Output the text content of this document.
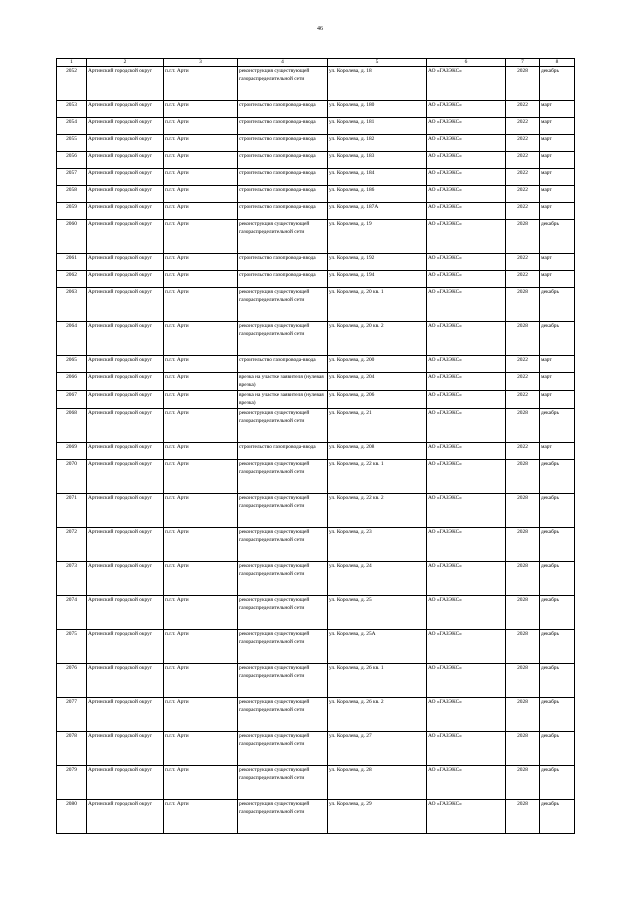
46
1	2	3	4	5	6	7	8
2052	Артинский городской округ	п.г.т. Арти	реконструкция существующей газораспределительной сети	ул. Королева, д. 18	АО «ГАЗЭКС»	2028	декабрь
2053	Артинский городской округ	п.г.т. Арти	строительство газопровода-ввода	ул. Королева, д. 180	АО «ГАЗЭКС»	2022	март
2054	Артинский городской округ	п.г.т. Арти	строительство газопровода-ввода	ул. Королева, д. 181	АО «ГАЗЭКС»	2022	март
2055	Артинский городской округ	п.г.т. Арти	строительство газопровода-ввода	ул. Королева, д. 182	АО «ГАЗЭКС»	2022	март
2056	Артинский городской округ	п.г.т. Арти	строительство газопровода-ввода	ул. Королева, д. 183	АО «ГАЗЭКС»	2022	март
2057	Артинский городской округ	п.г.т. Арти	строительство газопровода-ввода	ул. Королева, д. 184	АО «ГАЗЭКС»	2022	март
2058	Артинский городской округ	п.г.т. Арти	строительство газопровода-ввода	ул. Королева, д. 186	АО «ГАЗЭКС»	2022	март
2059	Артинский городской округ	п.г.т. Арти	строительство газопровода-ввода	ул. Королева, д. 187А	АО «ГАЗЭКС»	2022	март
2060	Артинский городской округ	п.г.т. Арти	реконструкция существующей газораспределительной сети	ул. Королева, д. 19	АО «ГАЗЭКС»	2028	декабрь
2061	Артинский городской округ	п.г.т. Арти	строительство газопровода-ввода	ул. Королева, д. 192	АО «ГАЗЭКС»	2022	март
2062	Артинский городской округ	п.г.т. Арти	строительство газопровода-ввода	ул. Королева, д. 194	АО «ГАЗЭКС»	2022	март
2063	Артинский городской округ	п.г.т. Арти	реконструкция существующей газораспределительной сети	ул. Королева, д. 20 кв. 1	АО «ГАЗЭКС»	2028	декабрь
2064	Артинский городской округ	п.г.т. Арти	реконструкция существующей газораспределительной сети	ул. Королева, д. 20 кв. 2	АО «ГАЗЭКС»	2028	декабрь
2065	Артинский городской округ	п.г.т. Арти	строительство газопровода-ввода	ул. Королева, д. 200	АО «ГАЗЭКС»	2022	март
2066	Артинский городской округ	п.г.т. Арти	врезка на участке заявителя (нулевая врезка)	ул. Королева, д. 204	АО «ГАЗЭКС»	2022	март
2067	Артинский городской округ	п.г.т. Арти	врезка на участке заявителя (нулевая врезка)	ул. Королева, д. 206	АО «ГАЗЭКС»	2022	март
2068	Артинский городской округ	п.г.т. Арти	реконструкция существующей газораспределительной сети	ул. Королева, д. 21	АО «ГАЗЭКС»	2028	декабрь
2069	Артинский городской округ	п.г.т. Арти	строительство газопровода-ввода	ул. Королева, д. 208	АО «ГАЗЭКС»	2022	март
2070	Артинский городской округ	п.г.т. Арти	реконструкция существующей газораспределительной сети	ул. Королева, д. 22 кв. 1	АО «ГАЗЭКС»	2028	декабрь
2071	Артинский городской округ	п.г.т. Арти	реконструкция существующей газораспределительной сети	ул. Королева, д. 22 кв. 2	АО «ГАЗЭКС»	2028	декабрь
2072	Артинский городской округ	п.г.т. Арти	реконструкция существующей газораспределительной сети	ул. Королева, д. 23	АО «ГАЗЭКС»	2028	декабрь
2073	Артинский городской округ	п.г.т. Арти	реконструкция существующей газораспределительной сети	ул. Королева, д. 24	АО «ГАЗЭКС»	2028	декабрь
2074	Артинский городской округ	п.г.т. Арти	реконструкция существующей газораспределительной сети	ул. Королева, д. 25	АО «ГАЗЭКС»	2028	декабрь
2075	Артинский городской округ	п.г.т. Арти	реконструкция существующей газораспределительной сети	ул. Королева, д. 25А	АО «ГАЗЭКС»	2028	декабрь
2076	Артинский городской округ	п.г.т. Арти	реконструкция существующей газораспределительной сети	ул. Королева, д. 26 кв. 1	АО «ГАЗЭКС»	2028	декабрь
2077	Артинский городской округ	п.г.т. Арти	реконструкция существующей газораспределительной сети	ул. Королева, д. 26 кв. 2	АО «ГАЗЭКС»	2028	декабрь
2078	Артинский городской округ	п.г.т. Арти	реконструкция существующей газораспределительной сети	ул. Королева, д. 27	АО «ГАЗЭКС»	2028	декабрь
2079	Артинский городской округ	п.г.т. Арти	реконструкция существующей газораспределительной сети	ул. Королева, д. 28	АО «ГАЗЭКС»	2028	декабрь
2080	Артинский городской округ	п.г.т. Арти	реконструкция существующей газораспределительной сети	ул. Королева, д. 29	АО «ГАЗЭКС»	2028	декабрь
